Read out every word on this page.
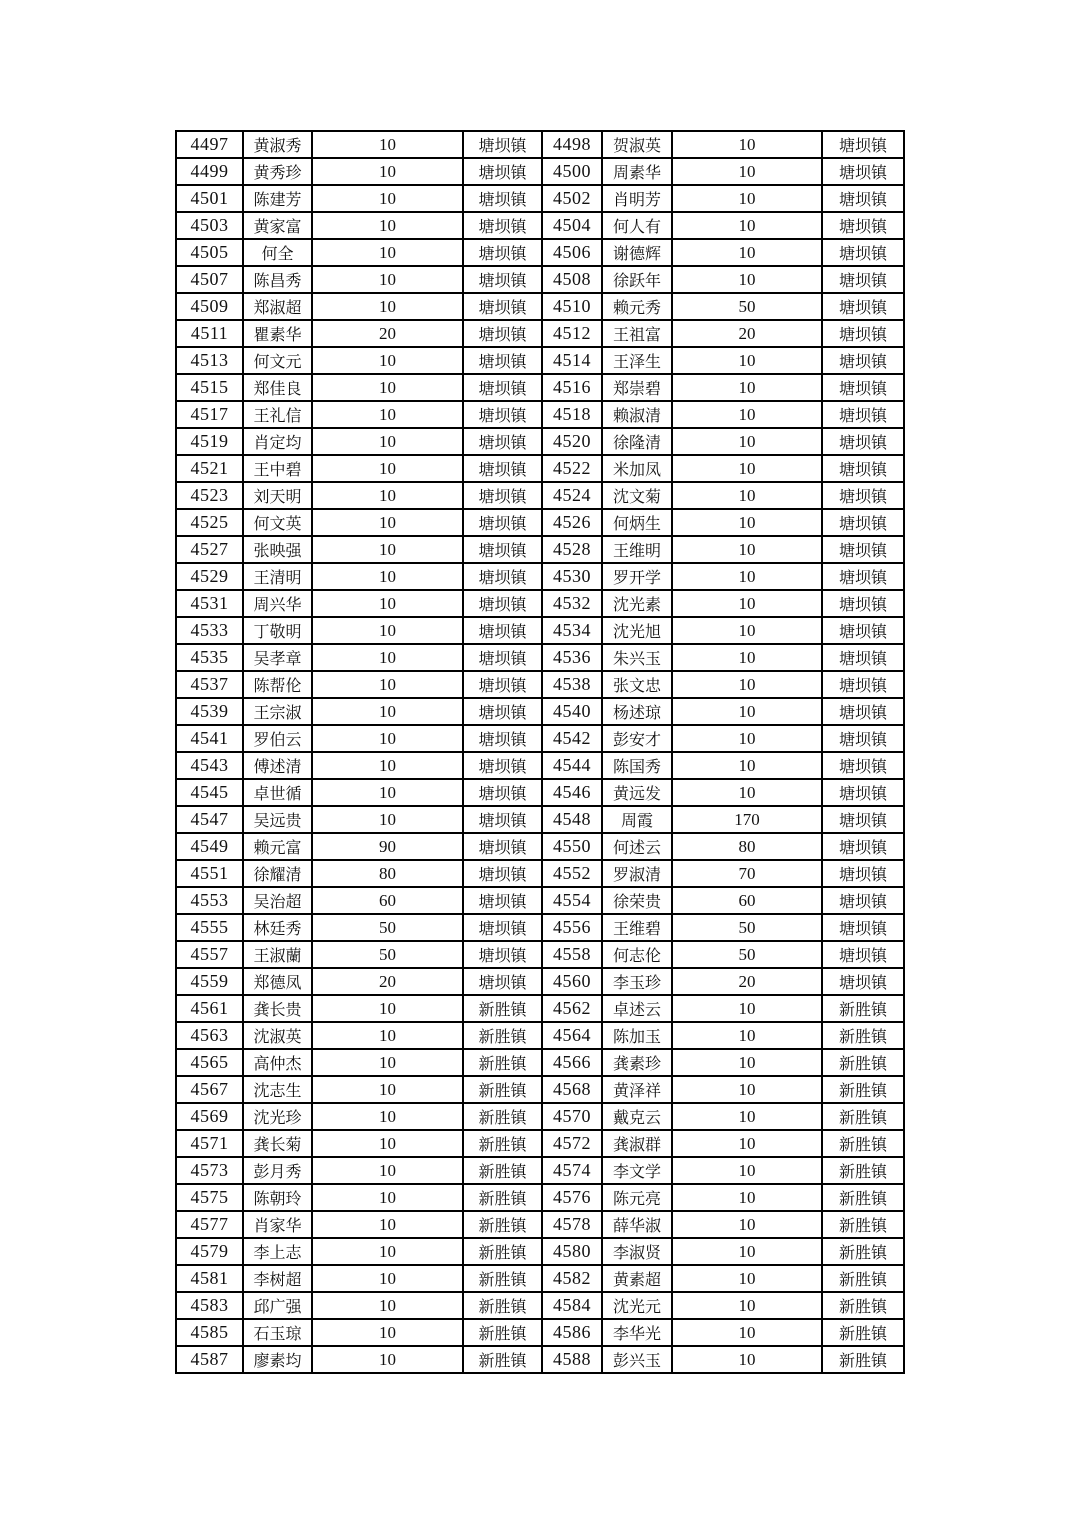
4497	黄淑秀	10	塘坝镇	4498	贺淑英	10	塘坝镇
4499	黄秀珍	10	塘坝镇	4500	周素华	10	塘坝镇
4501	陈建芳	10	塘坝镇	4502	肖明芳	10	塘坝镇
4503	黄家富	10	塘坝镇	4504	何人有	10	塘坝镇
4505	何全	10	塘坝镇	4506	谢德辉	10	塘坝镇
4507	陈昌秀	10	塘坝镇	4508	徐跃年	10	塘坝镇
4509	郑淑超	10	塘坝镇	4510	赖元秀	50	塘坝镇
4511	瞿素华	20	塘坝镇	4512	王祖富	20	塘坝镇
4513	何文元	10	塘坝镇	4514	王泽生	10	塘坝镇
4515	郑佳良	10	塘坝镇	4516	郑崇碧	10	塘坝镇
4517	王礼信	10	塘坝镇	4518	赖淑清	10	塘坝镇
4519	肖定均	10	塘坝镇	4520	徐隆清	10	塘坝镇
4521	王中碧	10	塘坝镇	4522	米加凤	10	塘坝镇
4523	刘天明	10	塘坝镇	4524	沈文菊	10	塘坝镇
4525	何文英	10	塘坝镇	4526	何炳生	10	塘坝镇
4527	张映强	10	塘坝镇	4528	王维明	10	塘坝镇
4529	王清明	10	塘坝镇	4530	罗开学	10	塘坝镇
4531	周兴华	10	塘坝镇	4532	沈光素	10	塘坝镇
4533	丁敬明	10	塘坝镇	4534	沈光旭	10	塘坝镇
4535	吴孝章	10	塘坝镇	4536	朱兴玉	10	塘坝镇
4537	陈帮伦	10	塘坝镇	4538	张文忠	10	塘坝镇
4539	王宗淑	10	塘坝镇	4540	杨述琼	10	塘坝镇
4541	罗伯云	10	塘坝镇	4542	彭安才	10	塘坝镇
4543	傅述清	10	塘坝镇	4544	陈国秀	10	塘坝镇
4545	卓世循	10	塘坝镇	4546	黄远发	10	塘坝镇
4547	吴远贵	10	塘坝镇	4548	周霞	170	塘坝镇
4549	赖元富	90	塘坝镇	4550	何述云	80	塘坝镇
4551	徐耀清	80	塘坝镇	4552	罗淑清	70	塘坝镇
4553	吴治超	60	塘坝镇	4554	徐荣贵	60	塘坝镇
4555	林廷秀	50	塘坝镇	4556	王维碧	50	塘坝镇
4557	王淑蘭	50	塘坝镇	4558	何志伦	50	塘坝镇
4559	郑德凤	20	塘坝镇	4560	李玉珍	20	塘坝镇
4561	龚长贵	10	新胜镇	4562	卓述云	10	新胜镇
4563	沈淑英	10	新胜镇	4564	陈加玉	10	新胜镇
4565	高仲杰	10	新胜镇	4566	龚素珍	10	新胜镇
4567	沈志生	10	新胜镇	4568	黄泽祥	10	新胜镇
4569	沈光珍	10	新胜镇	4570	戴克云	10	新胜镇
4571	龚长菊	10	新胜镇	4572	龚淑群	10	新胜镇
4573	彭月秀	10	新胜镇	4574	李文学	10	新胜镇
4575	陈朝玲	10	新胜镇	4576	陈元亮	10	新胜镇
4577	肖家华	10	新胜镇	4578	薛华淑	10	新胜镇
4579	李上志	10	新胜镇	4580	李淑贤	10	新胜镇
4581	李树超	10	新胜镇	4582	黄素超	10	新胜镇
4583	邱广强	10	新胜镇	4584	沈光元	10	新胜镇
4585	石玉琼	10	新胜镇	4586	李华光	10	新胜镇
4587	廖素均	10	新胜镇	4588	彭兴玉	10	新胜镇
